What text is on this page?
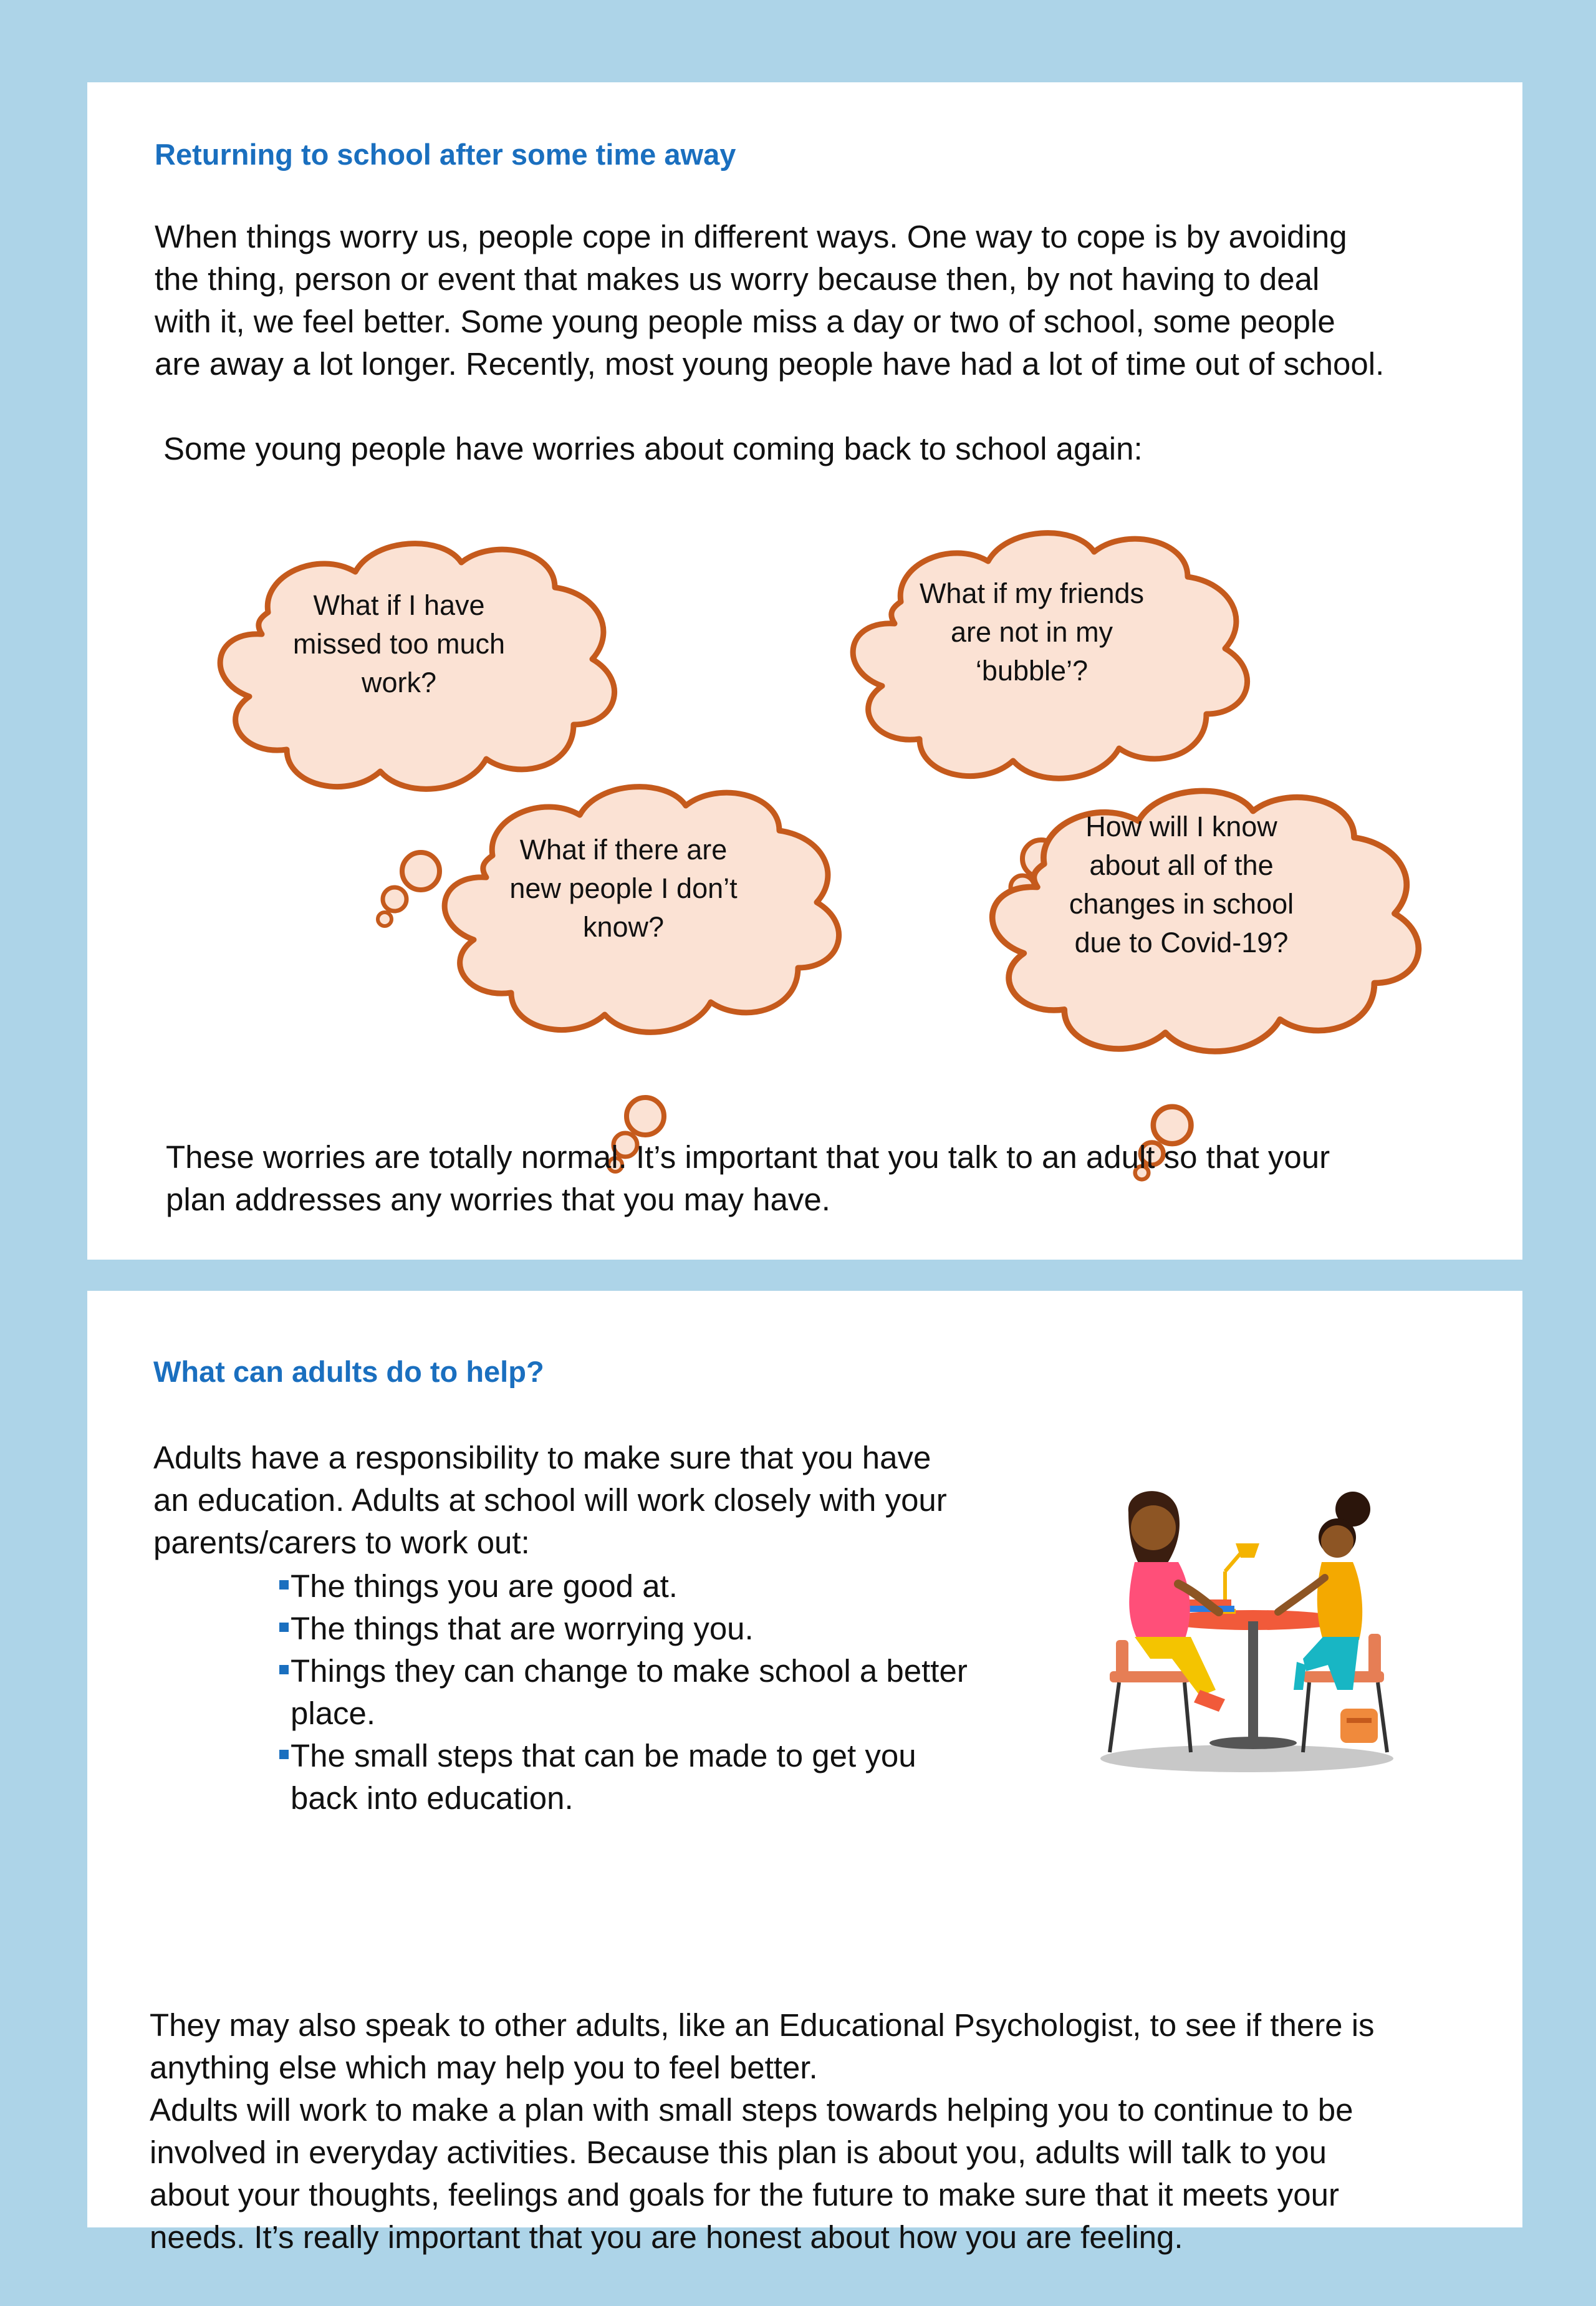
Returning to school after some time away

When things worry us, people cope in different ways. One way to cope is by avoiding
the thing, person or event that makes us worry because then, by not having to deal
with it, we feel better. Some young people miss a day or two of school, some people
are away a lot longer. Recently, most young people have had a lot of time out of school.

Some young people have worries about coming back to school again:

What if I have
missed too much
work?
What if my friends
are not in my
‘bubble’?
What if there are
new people I don’t
know?
How will I know
about all of the
changes in school
due to Covid-19?

These worries are totally normal. It’s important that you talk to an adult so that your
plan addresses any worries that you may have.

What can adults do to help?

Adults have a responsibility to make sure that you have
an education. Adults at school will work closely with your
parents/carers to work out:

The things you are good at.
The things that are worrying you.
Things they can change to make school a better
place.
The small steps that can be made to get you
back into education.

They may also speak to other adults, like an Educational Psychologist, to see if there is
anything else which may help you to feel better.

Adults will work to make a plan with small steps towards helping you to continue to be
involved in everyday activities. Because this plan is about you, adults will talk to you
about your thoughts, feelings and goals for the future to make sure that it meets your
needs. It’s really important that you are honest about how you are feeling.
